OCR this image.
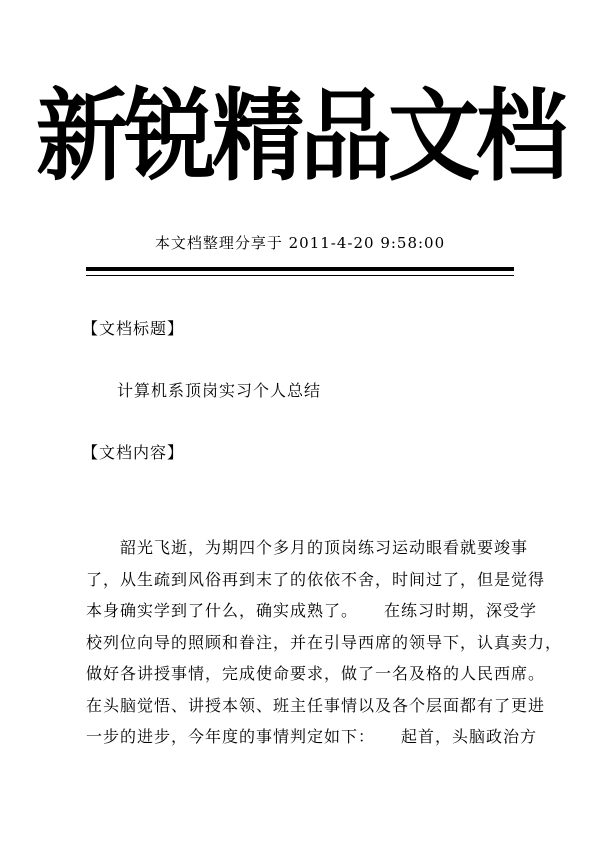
新锐精品文档
本文档整理分享于 2011-4-20 9:58:00
【文档标题】
计算机系顶岗实习个人总结
【文档内容】
　　韶光飞逝，为期四个多月的顶岗练习运动眼看就要竣事
了，从生疏到风俗再到末了的依依不舍，时间过了，但是觉得
本身确实学到了什么，确实成熟了。　　在练习时期，深受学
校列位向导的照顾和眷注，并在引导西席的领导下，认真卖力，
做好各讲授事情，完成使命要求，做了一名及格的人民西席。
在头脑觉悟、讲授本领、班主任事情以及各个层面都有了更进
一步的进步，今年度的事情判定如下：　　起首，头脑政治方
